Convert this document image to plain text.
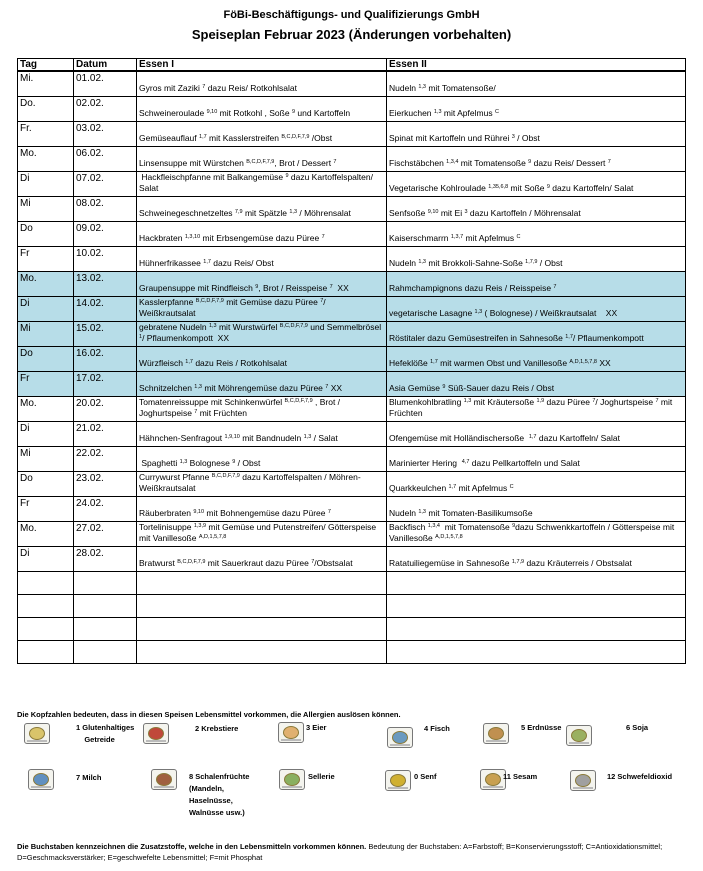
FöBi-Beschäftigungs- und Qualifizierungs GmbH
Speiseplan Februar 2023 (Änderungen vorbehalten)
Tag	Datum	Essen I	Essen II
Mi.	01.02.	Gyros mit Zaziki $^7$ dazu Reis/ Rotkohlsalat	Nudeln $^{1,3}$ mit Tomatensoße/
Do.	02.02.	Schweineroulade $^{9,10}$ mit Rotkohl , Soße $^9$ und Kartoffeln	Eierkuchen $^{1,3}$ mit Apfelmus $^C$
Fr.	03.02.	Gemüseauflauf $^{1,7}$ mit Kasslerstreifen $^{B,C,D,F,7,9}$ /Obst	Spinat mit Kartoffeln und Rührei $^3$ / Obst
Mo.	06.02.	Linsensuppe mit Würstchen $^{B,C,D,F,7,9}$, Brot / Dessert $^7$	Fischstäbchen $^{1,3,4}$ mit Tomatensoße $^9$ dazu Reis/ Dessert $^7$
Di	07.02.	Hackfleischpfanne mit Balkangemüse $^9$ dazu Kartoffelspalten/ Salat	Vegetarische Kohlroulade $^{1,35,6,8}$ mit Soße $^9$ dazu Kartoffeln/ Salat
Mi	08.02.	Schweinegeschnetzeltes $^{7,9}$ mit Spätzle $^{1,3}$ / Möhrensalat	Senfsoße $^{9,10}$ mit Ei $^3$ dazu Kartoffeln / Möhrensalat
Do	09.02.	Hackbraten $^{1,3,10}$ mit Erbsengemüse dazu Püree $^7$	Kaiserschmarrn $^{1,3,7}$ mit Apfelmus $^C$
Fr	10.02.	Hühnerfrikassee $^{1,7}$ dazu Reis/ Obst	Nudeln $^{1,3}$ mit Brokkoli-Sahne-Soße $^{1,7,9}$ / Obst
Mo.	13.02.	Graupensuppe mit Rindfleisch $^9$, Brot / Reisspeise $^7$  XX	Rahmchampignons dazu Reis / Reisspeise $^7$
Di	14.02.	Kasslerpfanne $^{B,C,D,F,7,9}$ mit Gemüse dazu Püree $^7$/ Weißkrautsalat	vegetarische Lasagne $^{1,3}$ ( Bolognese) / Weißkrautsalat    XX
Mi	15.02.	gebratene Nudeln $^{1,3}$ mit Wurstwürfel $^{B,C,D,F,7,9}$ und Semmelbrösel $^1$/ Pflaumenkompott  XX	Röstitaler dazu Gemüsestreifen in Sahnesoße $^{1,7}$/ Pflaumenkompott
Do	16.02.	Würzfleisch $^{1,7}$ dazu Reis / Rotkohlsalat	Hefeklöße $^{1,7}$ mit warmen Obst und Vanillesoße $^{A,D,1,5,7,8}$ XX
Fr	17.02.	Schnitzelchen $^{1,3}$ mit Möhrengemüse dazu Püree $^7$ XX	Asia Gemüse $^9$ Süß-Sauer dazu Reis / Obst
Mo.	20.02.	Tomatenreissuppe mit Schinkenwürfel $^{B,C,D,F,7,9}$ , Brot / Joghurtspeise $^7$ mit Früchten	Blumenkohlbratling $^{1,3}$ mit Kräutersoße $^{1,9}$ dazu Püree $^7$/ Joghurtspeise $^7$ mit Früchten
Di	21.02.	Hähnchen-Senfragout $^{1,9,10}$ mit Bandnudeln $^{1,3}$ / Salat	Ofengemüse mit Holländischersoße  $^{1,7}$ dazu Kartoffeln/ Salat
Mi	22.02.	Spaghetti $^{1,3}$ Bolognese $^9$ / Obst	Marinierter Hering  $^{4,7}$ dazu Pellkartoffeln und Salat
Do	23.02.	Currywurst Pfanne $^{B,C,D,F,7,9}$ dazu Kartoffelspalten / Möhren-Weißkrautsalat	Quarkkeulchen $^{1,7}$ mit Apfelmus $^C$
Fr	24.02.	Räuberbraten $^{9,10}$ mit Bohnengemüse dazu Püree $^7$	Nudeln $^{1,3}$ mit Tomaten-Basilikumsoße
Mo.	27.02.	Tortelinisuppe $^{1,3,9}$ mit Gemüse und Putenstreifen/ Götterspeise mit Vanillesoße $^{A,D,1,5,7,8}$	Backfisch $^{1,3,4}$  mit Tomatensoße $^9$dazu Schwenkkartoffeln / Götterspeise mit Vanillesoße $^{A,D,1,5,7,8}$
Di	28.02.	Bratwurst $^{B,C,D,F,7,9}$ mit Sauerkraut dazu Püree $^7$/Obstsalat	Ratatuiliegemüse in Sahnesoße $^{1,7,9}$ dazu Kräuterreis / Obstsalat

Die Kopfzahlen bedeuten, dass in diesen Speisen Lebensmittel vorkommen, die Allergien auslösen können.
1 Glutenhaltiges
Getreide
2 Krebstiere	3 Eier	4 Fisch	5 Erdnüsse	6 Soja
7 Milch	8 Schalenfrüchte
(Mandeln,
Haselnüsse,
Walnüsse usw.)
Sellerie	0 Senf	11 Sesam	12 Schwefeldioxid
Die Buchstaben kennzeichnen die Zusatzstoffe, welche in den Lebensmitteln vorkommen können. Bedeutung der Buchstaben: A=Farbstoff; B=Konservierungsstoff; C=Antioxidationsmittel; D=Geschmacksverstärker; E=geschwefelte Lebensmittel; F=mit Phosphat
